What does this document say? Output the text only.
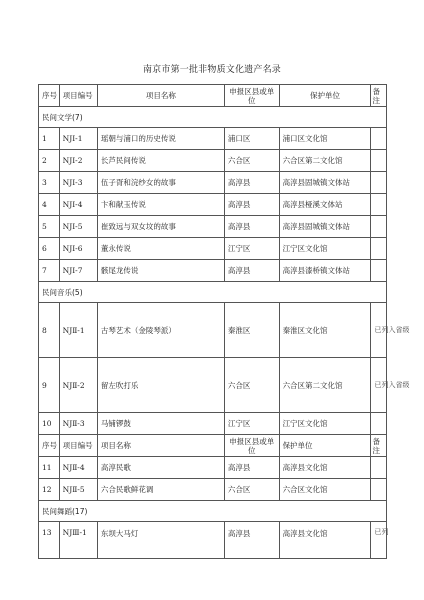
南京市第一批非物质文化遗产名录
序号	项目编号	项目名称	申报区县或单位	保护单位	备注
民间文学(7)					
1	NJⅠ-1	瑶朝与浦口的历史传说	浦口区	浦口区文化馆	
2	NJⅠ-2	长芦民间传说	六合区	六合区第二文化馆	
3	NJⅠ-3	伍子胥和浣纱女的故事	高淳县	高淳县固城镇文体站	
4	NJⅠ-4	卞和献玉传说	高淳县	高淳县桠溪文体站	
5	NJⅠ-5	崔致远与双女坟的故事	高淳县	高淳县固城镇文体站	
6	NJⅠ-6	董永传说	江宁区	江宁区文化馆	
7	NJⅠ-7	骸尾龙传说	高淳县	高淳县漆桥镇文体站	
民间音乐(5)					
8	NJⅡ-1	古琴艺术（金陵琴派）	秦淮区	秦淮区文化馆	已列入省级
9	NJⅡ-2	留左吹打乐	六合区	六合区第二文化馆	已列入省级
10	NJⅡ-3	马铺锣鼓	江宁区	江宁区文化馆	
序号	项目编号	项目名称	申报区县或单位	保护单位	备注
11	NJⅡ-4	高淳民歌	高淳县	高淳县文化馆	
12	NJⅡ-5	六合民歌鲜花调	六合区	六合区文化馆	
民间舞蹈(17)					
13	NJⅢ-1	东坝大马灯	高淳县	高淳县文化馆	已列
